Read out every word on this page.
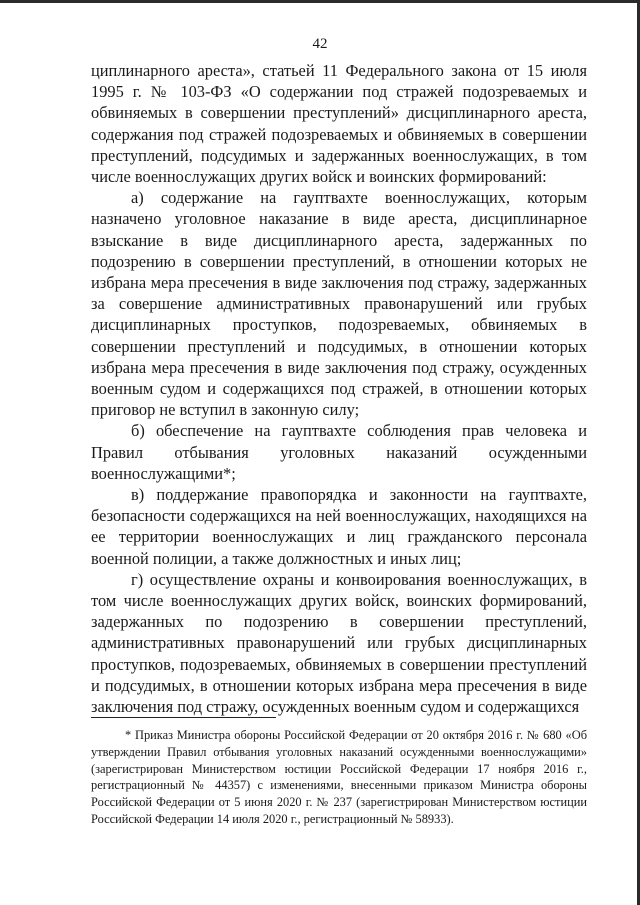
42

циплинарного ареста», статьей 11 Федерального закона от 15 июля 1995 г. № 103-ФЗ «О содержании под стражей подозреваемых и обвиняемых в совершении преступлений» дисциплинарного ареста, содержания под стражей подозреваемых и обвиняемых в совершении преступлений, подсудимых и задержанных военнослужащих, в том числе военнослужащих других войск и воинских формирований:

а) содержание на гауптвахте военнослужащих, которым назначено уголовное наказание в виде ареста, дисциплинарное взыскание в виде дисциплинарного ареста, задержанных по подозрению в совершении преступлений, в отношении которых не избрана мера пресечения в виде заключения под стражу, задержанных за совершение административных правонарушений или грубых дисциплинарных проступков, подозреваемых, обвиняемых в совершении преступлений и подсудимых, в отношении которых избрана мера пресечения в виде заключения под стражу, осужденных военным судом и содержащихся под стражей, в отношении которых приговор не вступил в законную силу;

б) обеспечение на гауптвахте соблюдения прав человека и Правил отбывания уголовных наказаний осужденными военнослужащими*;

в) поддержание правопорядка и законности на гауптвахте, безопасности содержащихся на ней военнослужащих, находящихся на ее территории военнослужащих и лиц гражданского персонала военной полиции, а также должностных и иных лиц;

г) осуществление охраны и конвоирования военнослужащих, в том числе военнослужащих других войск, воинских формирований, задержанных по подозрению в совершении преступлений, административных правонарушений или грубых дисциплинарных проступков, подозреваемых, обвиняемых в совершении преступлений и подсудимых, в отношении которых избрана мера пресечения в виде заключения под стражу, осужденных военным судом и содержащихся

* Приказ Министра обороны Российской Федерации от 20 октября 2016 г. № 680 «Об утверждении Правил отбывания уголовных наказаний осужденными военнослужащими» (зарегистрирован Министерством юстиции Российской Федерации 17 ноября 2016 г., регистрационный № 44357) с изменениями, внесенными приказом Министра обороны Российской Федерации от 5 июня 2020 г. № 237 (зарегистрирован Министерством юстиции Российской Федерации 14 июля 2020 г., регистрационный № 58933).
